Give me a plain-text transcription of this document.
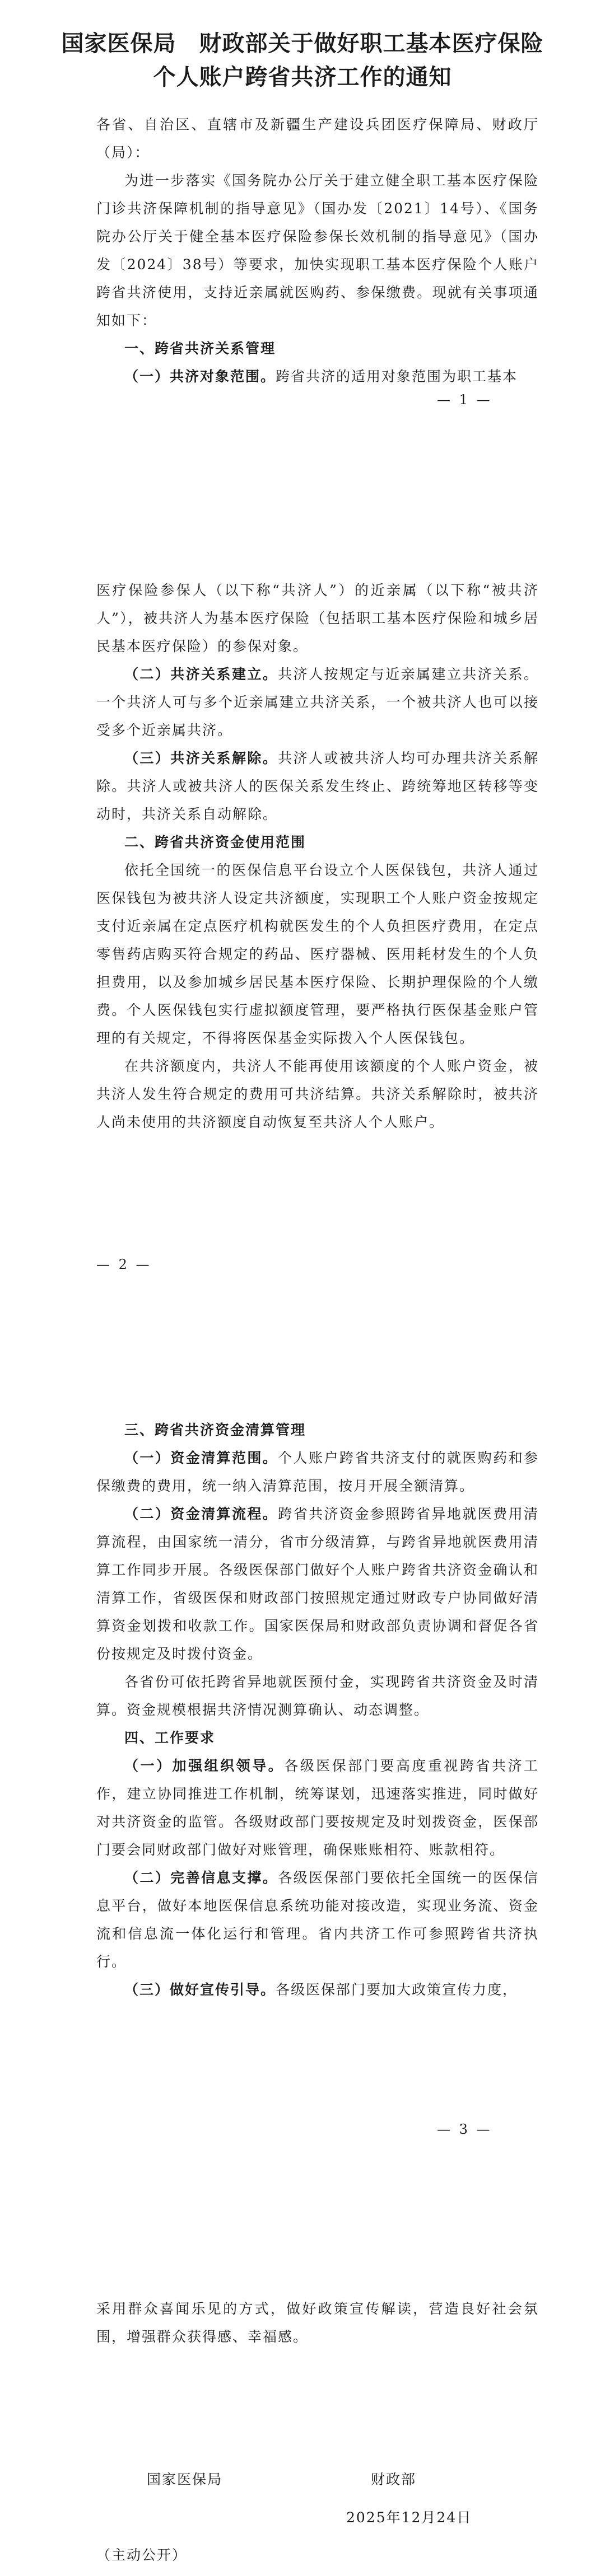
国家医保局　财政部关于做好职工基本医疗保险
个人账户跨省共济工作的通知

各省、自治区、直辖市及新疆生产建设兵团医疗保障局、财政厅（局）：

为进一步落实《国务院办公厅关于建立健全职工基本医疗保险门诊共济保障机制的指导意见》（国办发〔2021〕14号）、《国务院办公厅关于健全基本医疗保险参保长效机制的指导意见》（国办发〔2024〕38号）等要求，加快实现职工基本医疗保险个人账户跨省共济使用，支持近亲属就医购药、参保缴费。现就有关事项通知如下：

一、跨省共济关系管理

（一）共济对象范围。跨省共济的适用对象范围为职工基本

— 1 —

医疗保险参保人（以下称“共济人”）的近亲属（以下称“被共济人”），被共济人为基本医疗保险（包括职工基本医疗保险和城乡居民基本医疗保险）的参保对象。

（二）共济关系建立。共济人按规定与近亲属建立共济关系。一个共济人可与多个近亲属建立共济关系，一个被共济人也可以接受多个近亲属共济。

（三）共济关系解除。共济人或被共济人均可办理共济关系解除。共济人或被共济人的医保关系发生终止、跨统筹地区转移等变动时，共济关系自动解除。

二、跨省共济资金使用范围

依托全国统一的医保信息平台设立个人医保钱包，共济人通过医保钱包为被共济人设定共济额度，实现职工个人账户资金按规定支付近亲属在定点医疗机构就医发生的个人负担医疗费用，在定点零售药店购买符合规定的药品、医疗器械、医用耗材发生的个人负担费用，以及参加城乡居民基本医疗保险、长期护理保险的个人缴费。个人医保钱包实行虚拟额度管理，要严格执行医保基金账户管理的有关规定，不得将医保基金实际拨入个人医保钱包。

在共济额度内，共济人不能再使用该额度的个人账户资金，被共济人发生符合规定的费用可共济结算。共济关系解除时，被共济人尚未使用的共济额度自动恢复至共济人个人账户。

— 2 —

三、跨省共济资金清算管理

（一）资金清算范围。个人账户跨省共济支付的就医购药和参保缴费的费用，统一纳入清算范围，按月开展全额清算。

（二）资金清算流程。跨省共济资金参照跨省异地就医费用清算流程，由国家统一清分，省市分级清算，与跨省异地就医费用清算工作同步开展。各级医保部门做好个人账户跨省共济资金确认和清算工作，省级医保和财政部门按照规定通过财政专户协同做好清算资金划拨和收款工作。国家医保局和财政部负责协调和督促各省份按规定及时拨付资金。

各省份可依托跨省异地就医预付金，实现跨省共济资金及时清算。资金规模根据共济情况测算确认、动态调整。

四、工作要求

（一）加强组织领导。各级医保部门要高度重视跨省共济工作，建立协同推进工作机制，统筹谋划，迅速落实推进，同时做好对共济资金的监管。各级财政部门要按规定及时划拨资金，医保部门要会同财政部门做好对账管理，确保账账相符、账款相符。

（二）完善信息支撑。各级医保部门要依托全国统一的医保信息平台，做好本地医保信息系统功能对接改造，实现业务流、资金流和信息流一体化运行和管理。省内共济工作可参照跨省共济执行。

（三）做好宣传引导。各级医保部门要加大政策宣传力度，

— 3 —

采用群众喜闻乐见的方式，做好政策宣传解读，营造良好社会氛围，增强群众获得感、幸福感。

国家医保局	财政部
2025年12月24日
（主动公开）
